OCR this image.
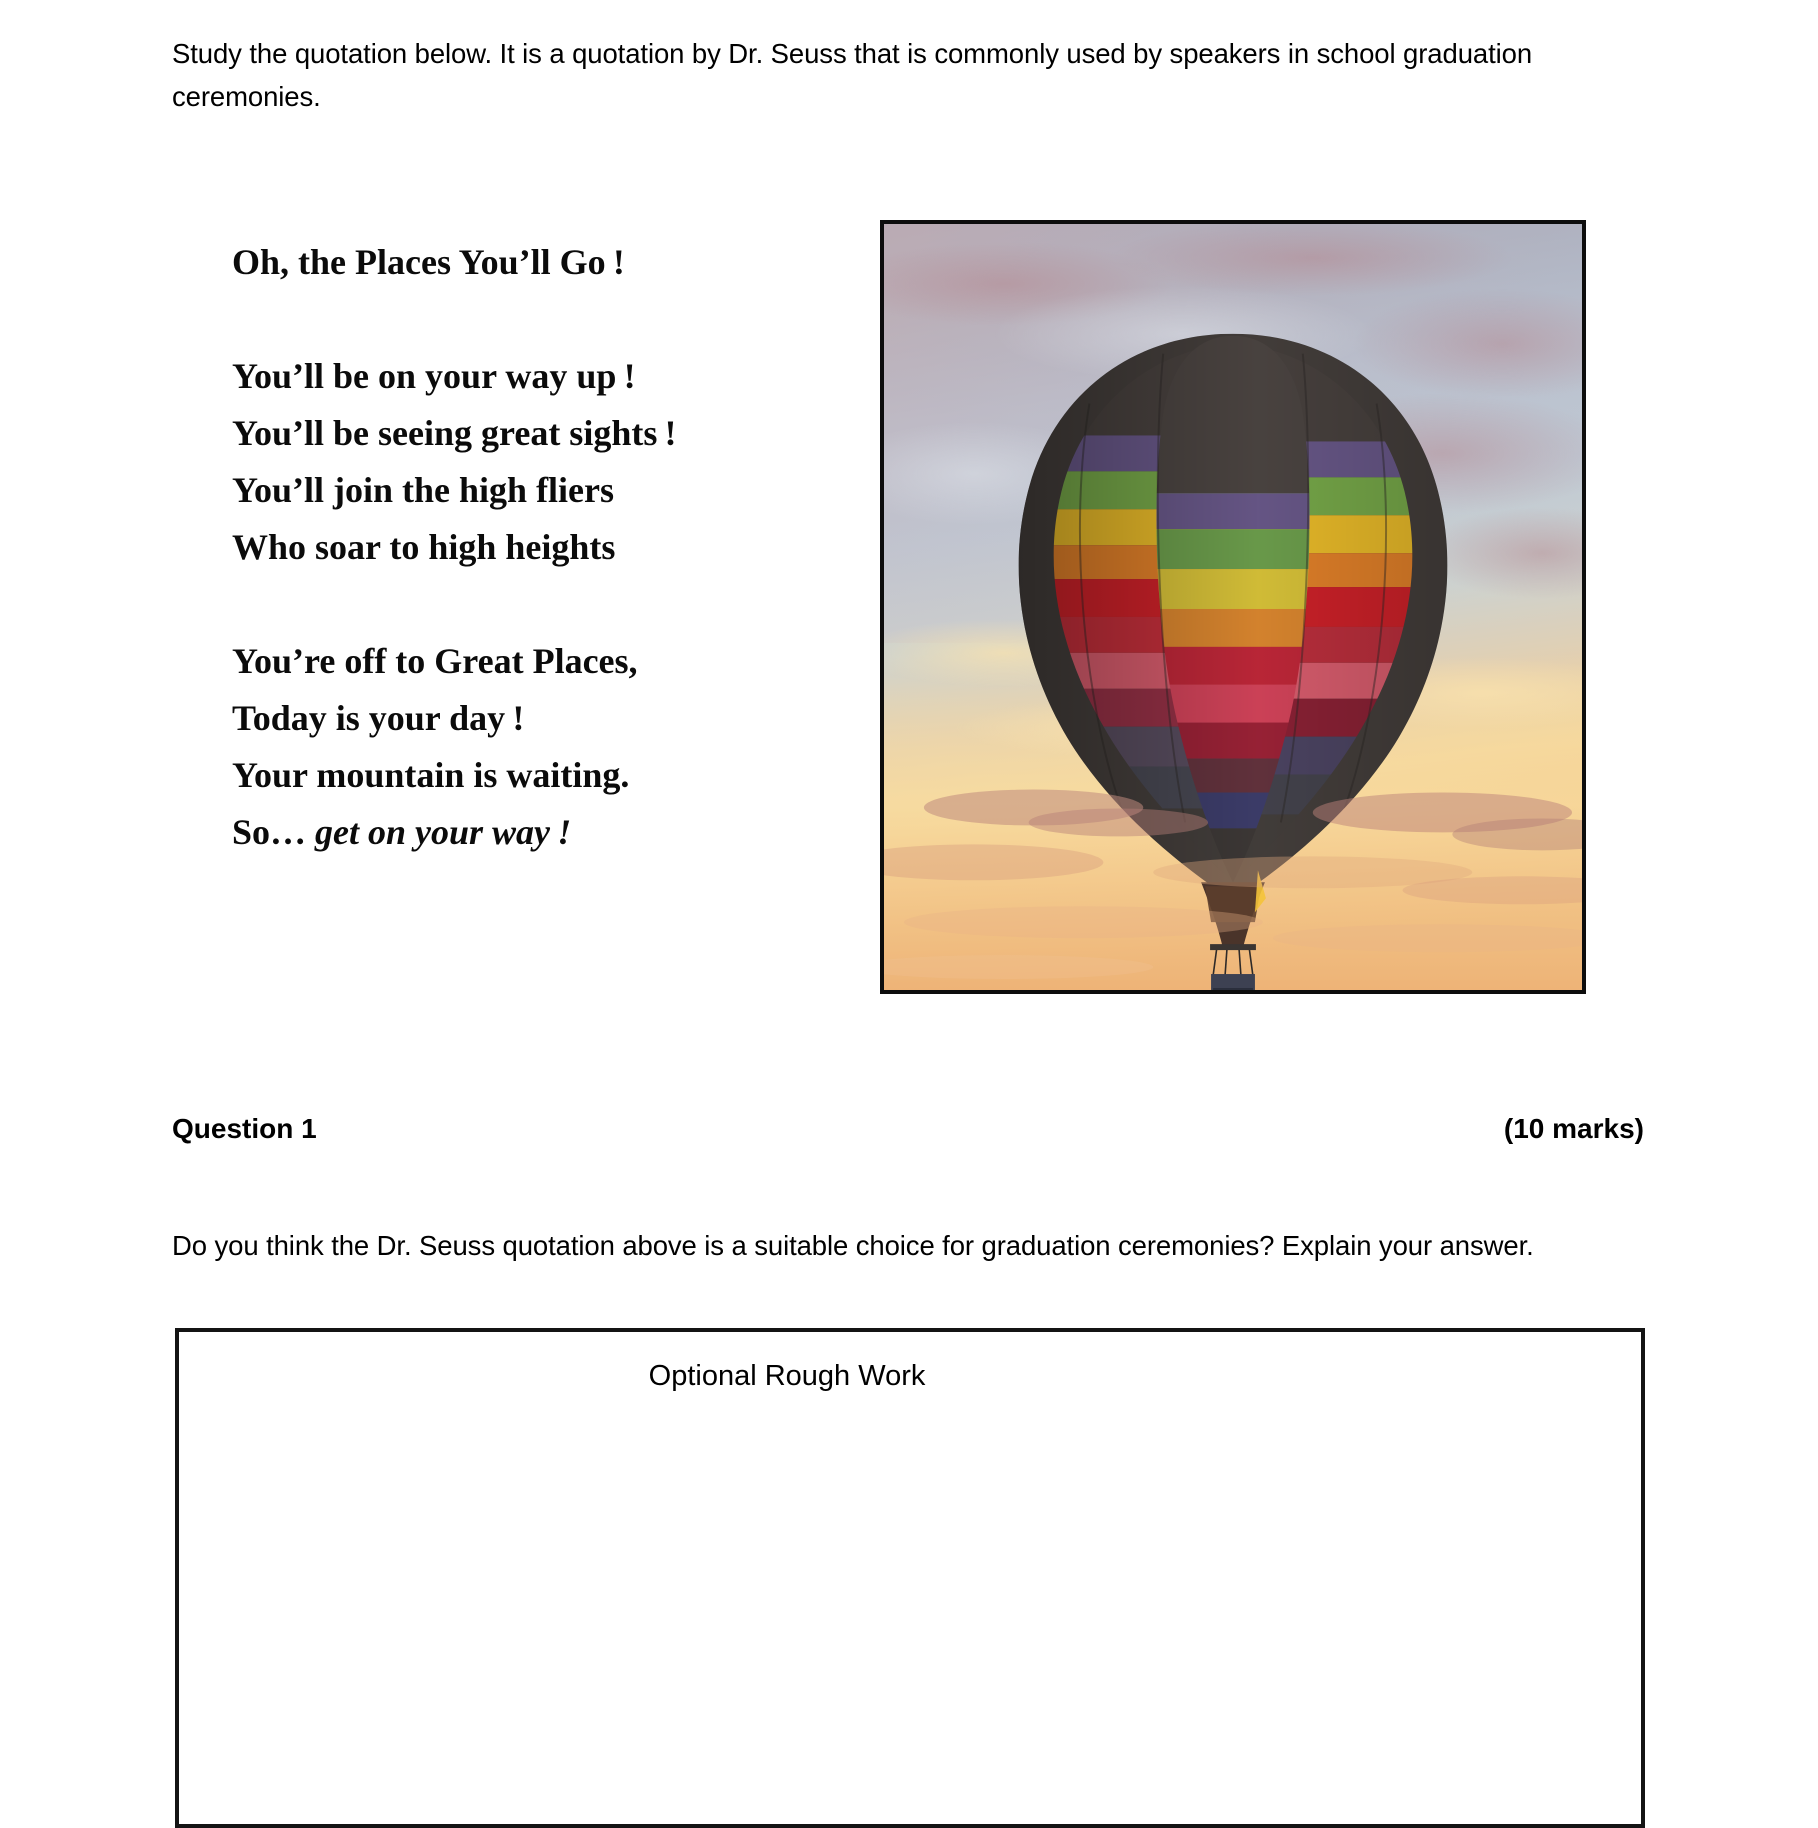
Study the quotation below. It is a quotation by Dr. Seuss that is commonly used by speakers in school graduation ceremonies.

Oh, the Places You’ll Go !
You’ll be on your way up !
You’ll be seeing great sights !
You’ll join the high fliers
Who soar to high heights
You’re off to Great Places,
Today is your day !
Your mountain is waiting.
So… get on your way !
Question 1	(10 marks)

Do you think the Dr. Seuss quotation above is a suitable choice for graduation ceremonies? Explain your answer.

Optional Rough Work
